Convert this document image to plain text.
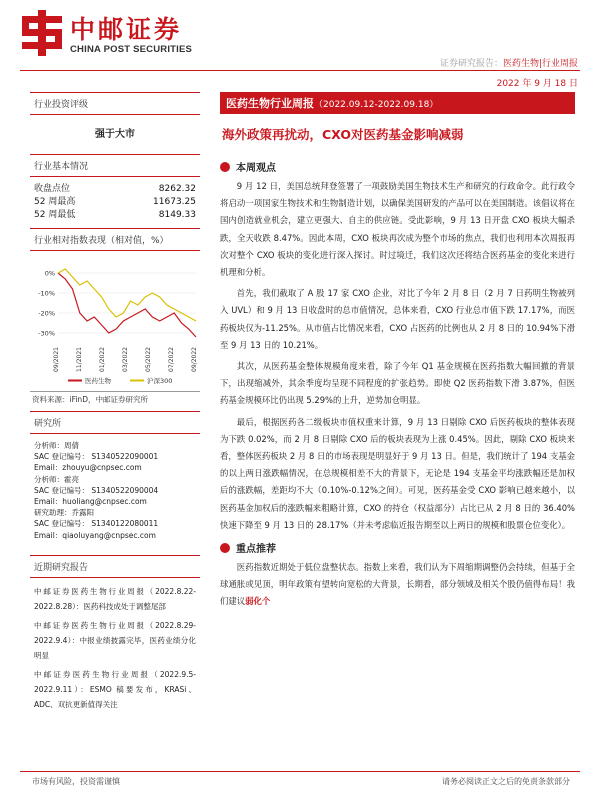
中邮证券
CHINA POST SECURITIES
证券研究报告：医药生物|行业周报
2022 年 9 月 18 日
行业投资评级
强于大市
行业基本情况
收盘点位	8262.32
52 周最高	11673.25
52 周最低	8149.33
行业相对指数表现（相对值，%）
0%
-10%
-20%
-30%
09/2021	11/2021	01/2022	03/2022	05/2022	07/2022	09/2022
医药生物	沪深300
资料来源：iFinD，中邮证券研究所
研究所
分析师：周倩
SAC 登记编号： S1340522090001
Email：zhouyu@cnpsec.com
分析师：霍亮
SAC 登记编号： S1340522090004
Email：huoliang@cnpsec.com
研究助理：乔露阳
SAC 登记编号： S1340122080011
Email：qiaoluyang@cnpsec.com
近期研究报告

中邮证券医药生物行业周报（2022.8.22-2022.8.28）：医药科技成处于调整尾部

中邮证券医药生物行业周报（2022.8.29-2022.9.4）：中报业绩披露完毕，医药业绩分化明显

中邮证券医药生物行业周报（2022.9.5-2022.9.11）：ESMO 稿要发布，KRASi、ADC、双抗更新值得关注

医药生物行业周报（2022.09.12-2022.09.18）
海外政策再扰动，CXO对医药基金影响减弱
本周观点

9 月 12 日，美国总统拜登签署了一项鼓励美国生物技术生产和研究的行政命令。此行政令将启动一项国家生物技术和生物制造计划，以确保美国研发的产品可以在美国制造。该倡议将在国内创造就业机会，建立更强大、自主的供应链。受此影响，9 月 13 日开盘 CXO 板块大幅杀跌，全天收跌 8.47%。因此本周，CXO 板块再次成为整个市场的焦点，我们也利用本次周报再次对整个 CXO 板块的变化进行深入探讨。时过境迁，我们这次还将结合医药基金的变化来进行机理和分析。

首先，我们截取了 A 股 17 家 CXO 企业，对比了今年 2 月 8 日（2 月 7 日药明生物被列入 UVL）和 9 月 13 日收盘时的总市值情况，总体来看，CXO 行业总市值下跌 17.17%，而医药板块仅为-11.25%。从市值占比情况来看，CXO 占医药的比例也从 2 月 8 日的 10.94%下滑至 9 月 13 日的 10.21%。

其次，从医药基金整体规模角度来看，除了今年 Q1 基金规模在医药指数大幅回撤的背景下，出现缩减外，其余季度均呈现不同程度的扩张趋势。即使 Q2 医药指数下滑 3.87%，但医药基金规模环比仍出现 5.29%的上升，逆势加仓明显。

最后，根据医药各二级板块市值权重来计算，9 月 13 日剔除 CXO 后医药板块的整体表现为下跌 0.02%，而 2 月 8 日剔除 CXO 后的板块表现为上涨 0.45%。因此，剔除 CXO 板块来看，整体医药板块 2 月 8 日的市场表现是明显好于 9 月 13 日。但是，我们统计了 194 支基金的以上两日涨跌幅情况，在总规模相差不大的背景下，无论是 194 支基金平均涨跌幅还是加权后的涨跌幅，差距均不大（0.10%-0.12%之间）。可见，医药基金受 CXO 影响已越来越小，以医药基金加权后的涨跌幅来粗略计算，CXO 的持仓（权益部分）占比已从 2 月 8 日的 36.40%快速下降至 9 月 13 日的 28.17%（并未考虑临近报告期至以上两日的规模和股票仓位变化）。

重点推荐

医药指数近期处于低位盘整状态。指数上来看，我们认为下周缩期调整仍会持续，但基于全球通胀或见顶，明年政策有望转向宽松的大背景，长期看，部分领域及相关个股仍值得布局！我们建议弱化个

市场有风险，投资需谨慎	请务必阅读正文之后的免责条款部分
